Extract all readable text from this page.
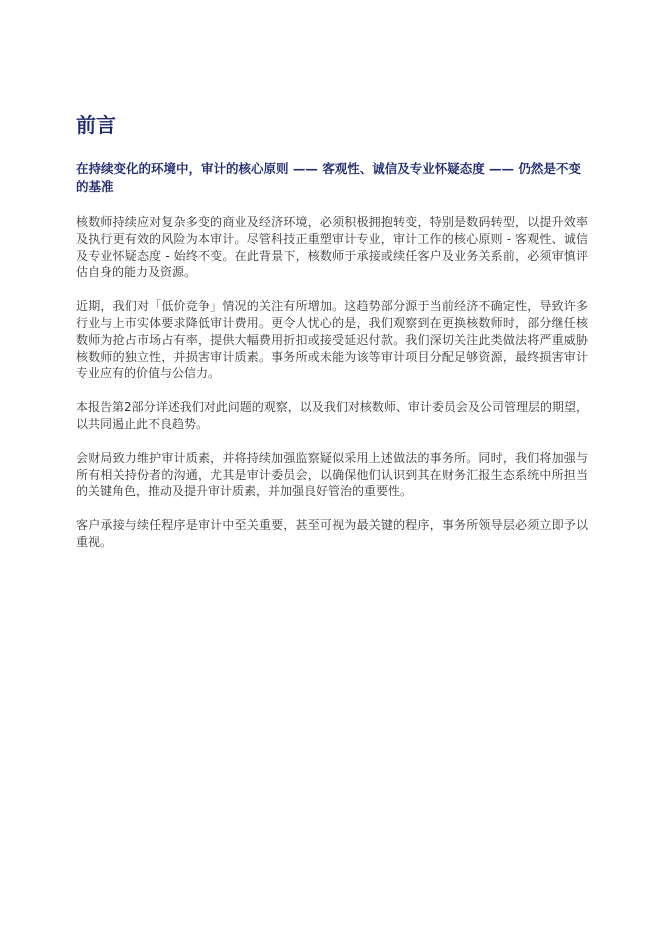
前言
在持续变化的环境中，审计的核心原则 —— 客观性、诚信及专业怀疑态度 —— 仍然是不变的基准

核数师持续应对复杂多变的商业及经济环境，必须积极拥抱转变，特别是数码转型，以提升效率及执行更有效的风险为本审计。尽管科技正重塑审计专业，审计工作的核心原则 - 客观性、诚信及专业怀疑态度 - 始终不变。在此背景下，核数师于承接或续任客户及业务关系前，必须审慎评估自身的能力及资源。

近期，我们对「低价竞争」情况的关注有所增加。这趋势部分源于当前经济不确定性，导致许多行业与上市实体要求降低审计费用。更令人忧心的是，我们观察到在更换核数师时，部分继任核数师为抢占市场占有率，提供大幅费用折扣或接受延迟付款。我们深切关注此类做法将严重威胁核数师的独立性，并损害审计质素。事务所或未能为该等审计项目分配足够资源，最终损害审计专业应有的价值与公信力。

本报告第2部分详述我们对此问题的观察，以及我们对核数师、审计委员会及公司管理层的期望，以共同遏止此不良趋势。

会财局致力维护审计质素，并将持续加强监察疑似采用上述做法的事务所。同时，我们将加强与所有相关持份者的沟通，尤其是审计委员会，以确保他们认识到其在财务汇报生态系统中所担当的关键角色，推动及提升审计质素，并加强良好管治的重要性。

客户承接与续任程序是审计中至关重要，甚至可视为最关键的程序，事务所领导层必须立即予以重视。
